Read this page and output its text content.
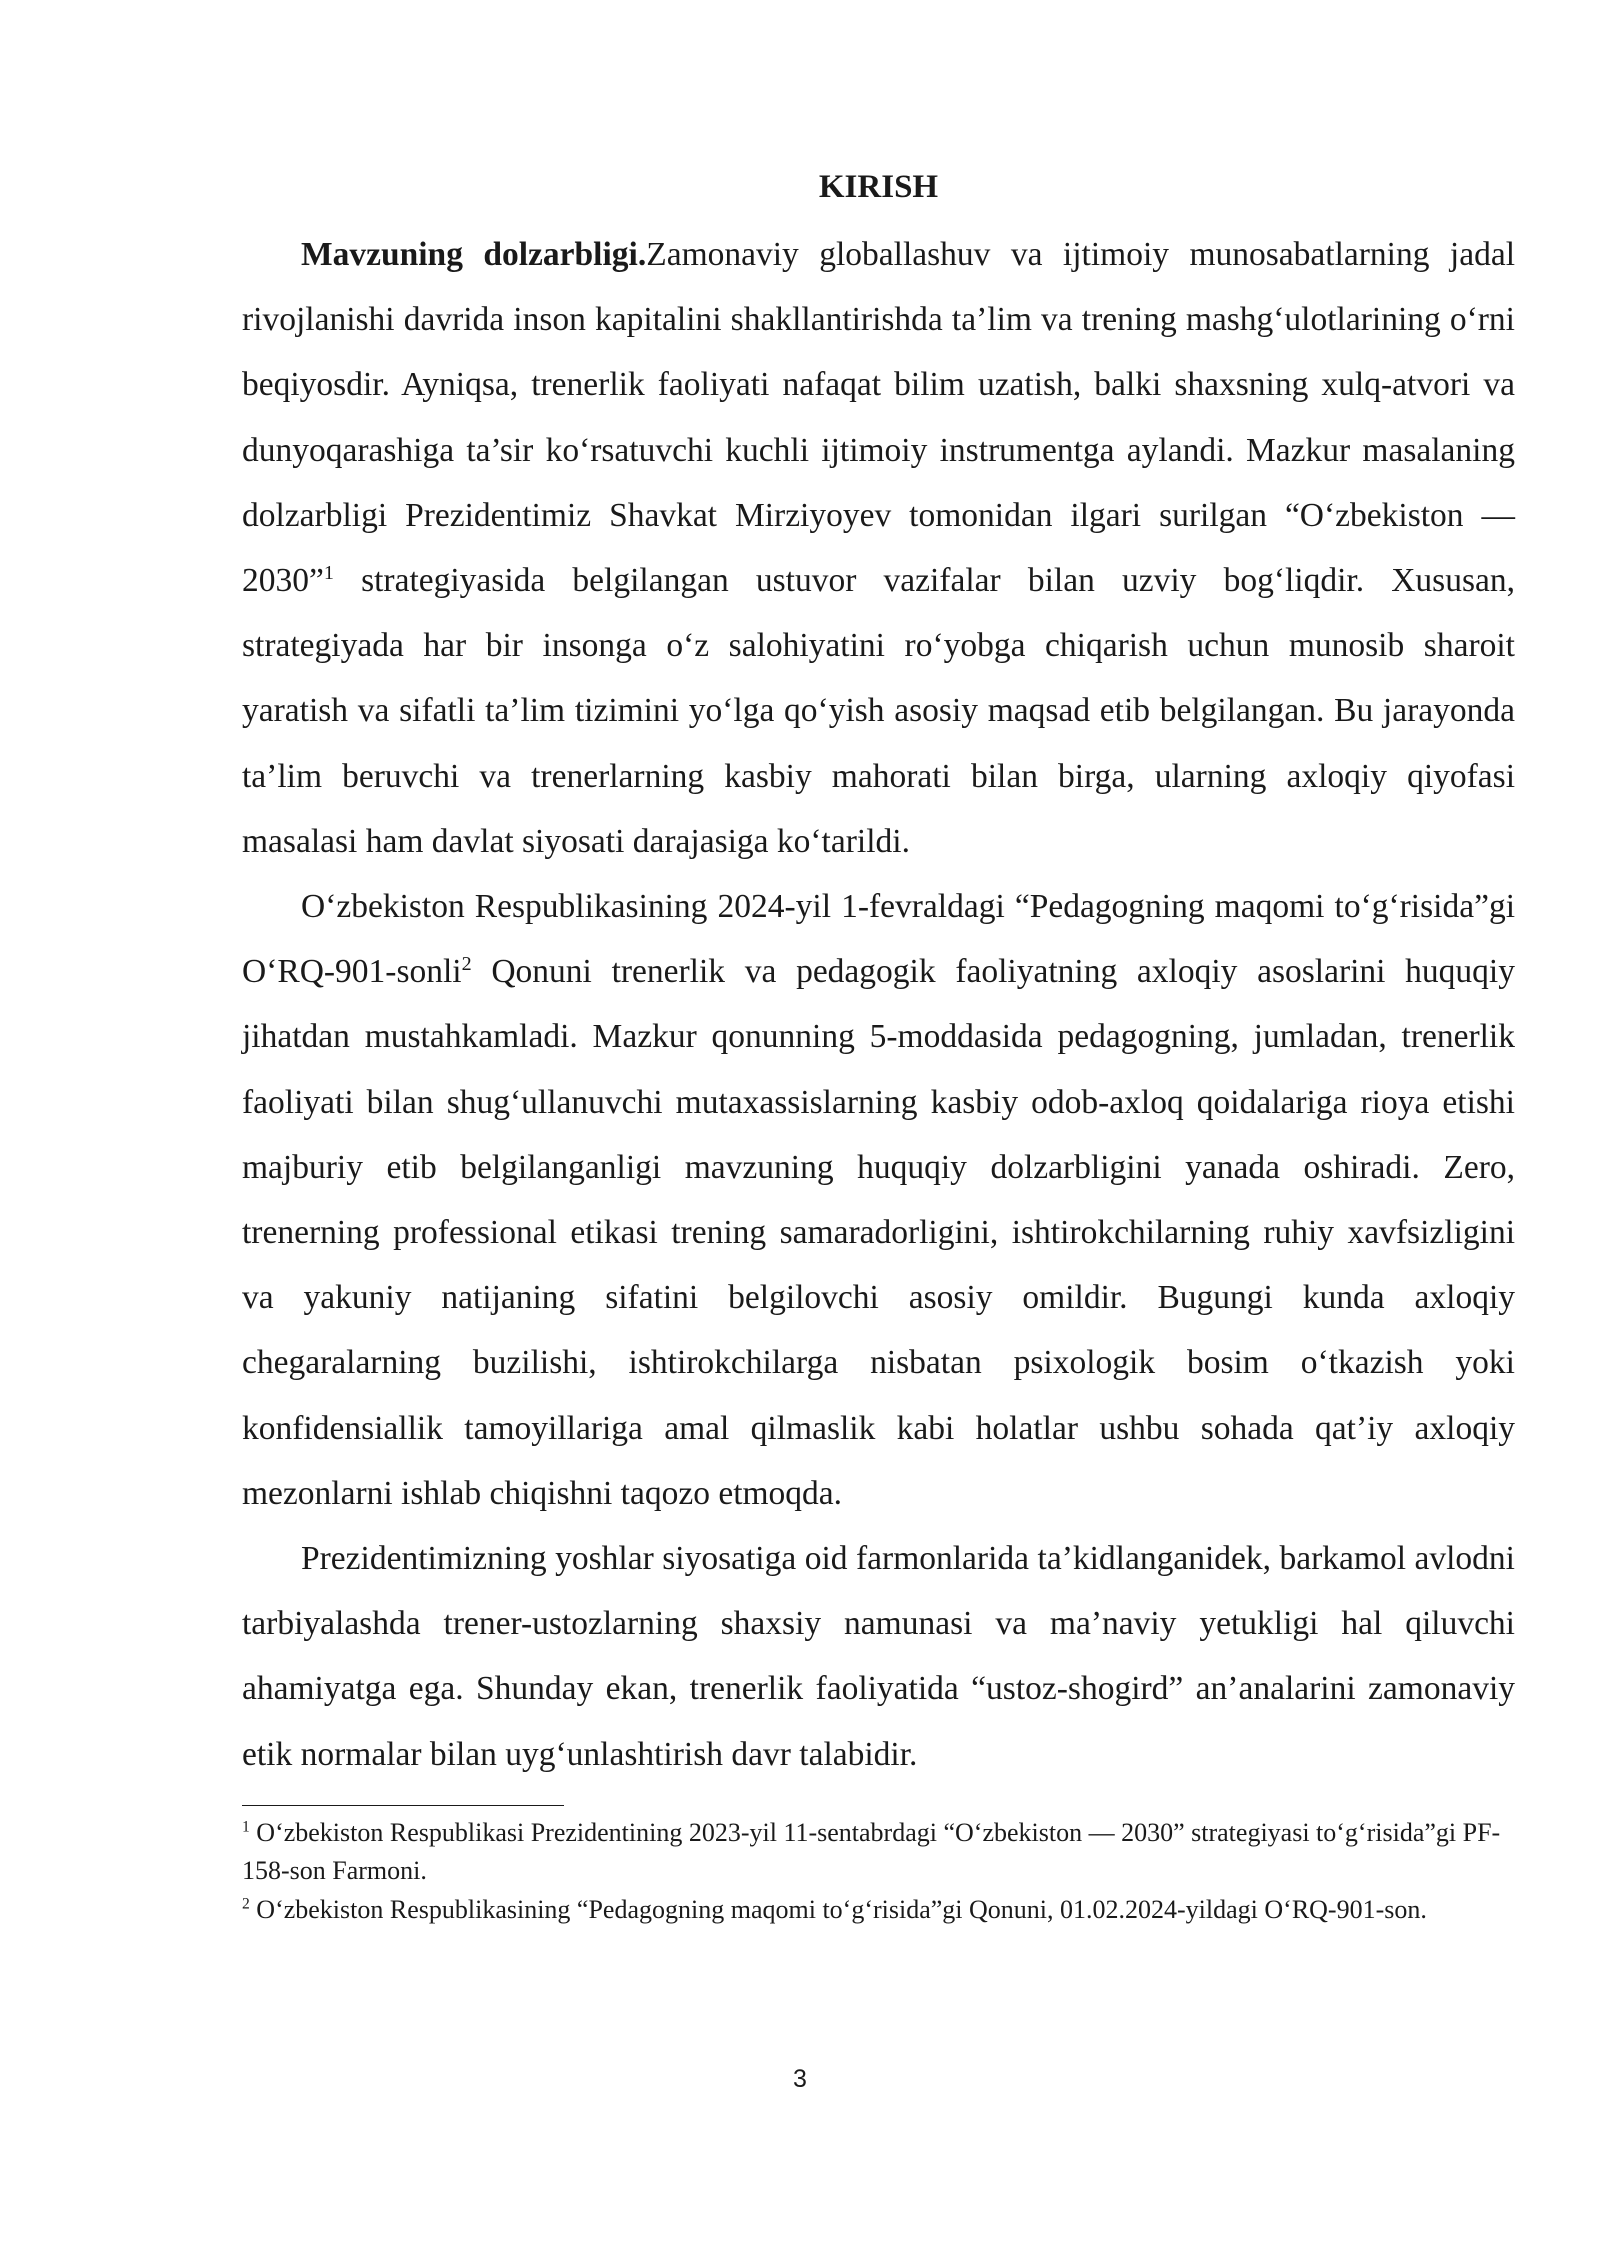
KIRISH

Mavzuning dolzarbligi.Zamonaviy globallashuv va ijtimoiy munosabatlarning jadal rivojlanishi davrida inson kapitalini shakllantirishda ta’lim va trening mashg‘ulotlarining o‘rni beqiyosdir. Ayniqsa, trenerlik faoliyati nafaqat bilim uzatish, balki shaxsning xulq-atvori va dunyoqarashiga ta’sir ko‘rsatuvchi kuchli ijtimoiy instrumentga aylandi. Mazkur masalaning dolzarbligi Prezidentimiz Shavkat Mirziyoyev tomonidan ilgari surilgan “O‘zbekiston — 2030”$^1$ strategiyasida belgilangan ustuvor vazifalar bilan uzviy bog‘liqdir. Xususan, strategiyada har bir insonga o‘z salohiyatini ro‘yobga chiqarish uchun munosib sharoit yaratish va sifatli ta’lim tizimini yo‘lga qo‘yish asosiy maqsad etib belgilangan. Bu jarayonda ta’lim beruvchi va trenerlarning kasbiy mahorati bilan birga, ularning axloqiy qiyofasi masalasi ham davlat siyosati darajasiga ko‘tarildi.

O‘zbekiston Respublikasining 2024-yil 1-fevraldagi “Pedagogning maqomi to‘g‘risida”gi O‘RQ-901-sonli$^2$ Qonuni trenerlik va pedagogik faoliyatning axloqiy asoslarini huquqiy jihatdan mustahkamladi. Mazkur qonunning 5-moddasida pedagogning, jumladan, trenerlik faoliyati bilan shug‘ullanuvchi mutaxassislarning kasbiy odob-axloq qoidalariga rioya etishi majburiy etib belgilanganligi mavzuning huquqiy dolzarbligini yanada oshiradi. Zero, trenerning professional etikasi trening samaradorligini, ishtirokchilarning ruhiy xavfsizligini va yakuniy natijaning sifatini belgilovchi asosiy omildir. Bugungi kunda axloqiy chegaralarning buzilishi, ishtirokchilarga nisbatan psixologik bosim o‘tkazish yoki konfidensiallik tamoyillariga amal qilmaslik kabi holatlar ushbu sohada qat’iy axloqiy mezonlarni ishlab chiqishni taqozo etmoqda.

Prezidentimizning yoshlar siyosatiga oid farmonlarida ta’kidlanganidek, barkamol avlodni tarbiyalashda trener-ustozlarning shaxsiy namunasi va ma’naviy yetukligi hal qiluvchi ahamiyatga ega. Shunday ekan, trenerlik faoliyatida “ustoz-shogird” an’analarini zamonaviy etik normalar bilan uyg‘unlashtirish davr talabidir.

$^1$ O‘zbekiston Respublikasi Prezidentining 2023-yil 11-sentabrdagi “O‘zbekiston — 2030” strategiyasi to‘g‘risida”gi PF-158-son Farmoni.

$^2$ O‘zbekiston Respublikasining “Pedagogning maqomi to‘g‘risida”gi Qonuni, 01.02.2024-yildagi O‘RQ-901-son.

3
